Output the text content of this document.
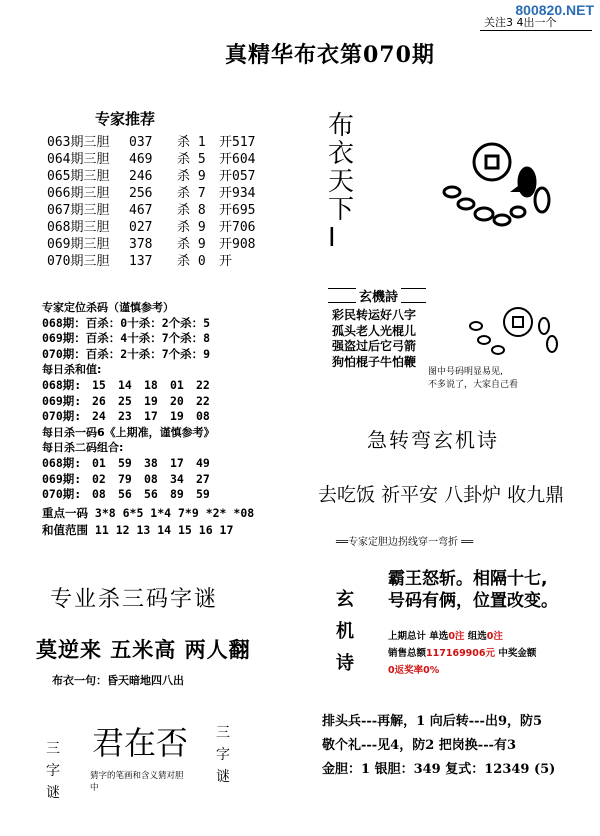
800820.NET
关注3 4出一个
真精华布衣第070期
专家推荐
063期三胆 037 杀 1 开517
064期三胆 469 杀 5 开604
065期三胆 246 杀 9 开057
066期三胆 256 杀 7 开934
067期三胆 467 杀 8 开695
068期三胆 027 杀 9 开706
069期三胆 378 杀 9 开908
070期三胆 137 杀 0 开
专家定位杀码（谨慎参考）
068期：百杀：0十杀：2个杀：5
069期：百杀：4十杀：7个杀：8
070期：百杀：2十杀：7个杀：9
每日杀和值:
068期: 15 14 18 01 22
069期: 26 25 19 20 22
070期: 24 23 17 19 08
每日杀一码6《上期准，谨慎参考》
每日杀二码组合:
068期: 01 59 38 17 49
069期: 02 79 08 34 27
070期: 08 56 56 89 59
重点一码 3*8 6*5 1*4 7*9 *2* *08
和值范围 11 12 13 14 15 16 17
专业杀三码字谜
莫逆来 五米高 两人翻
布衣一句：昏天暗地四八出
三字谜
君在否 三字谜
猜字的笔画和含义猜对胆中
布衣天下I
玄機詩
彩民转运好八字
孤头老人光棍儿
强盗过后它弓箭
狗怕棍子牛怕鞭
图中号码明显易见,
不多说了，大家自己看
急转弯玄机诗
去吃饭 祈平安 八卦炉 收九鼎
══专家定胆边拐线穿一弯折 ══
玄机诗
霸王怒斩。相隔十七,
号码有俩，位置改变。
上期总计 单选0注 组选0注
销售总额117169906元 中奖金额
0返奖率0%
排头兵---再解，1 向后转---出9，防5
敬个礼---见4，防2 把岗换---有3
金胆：1 银胆：349 复式：12349 (5)
